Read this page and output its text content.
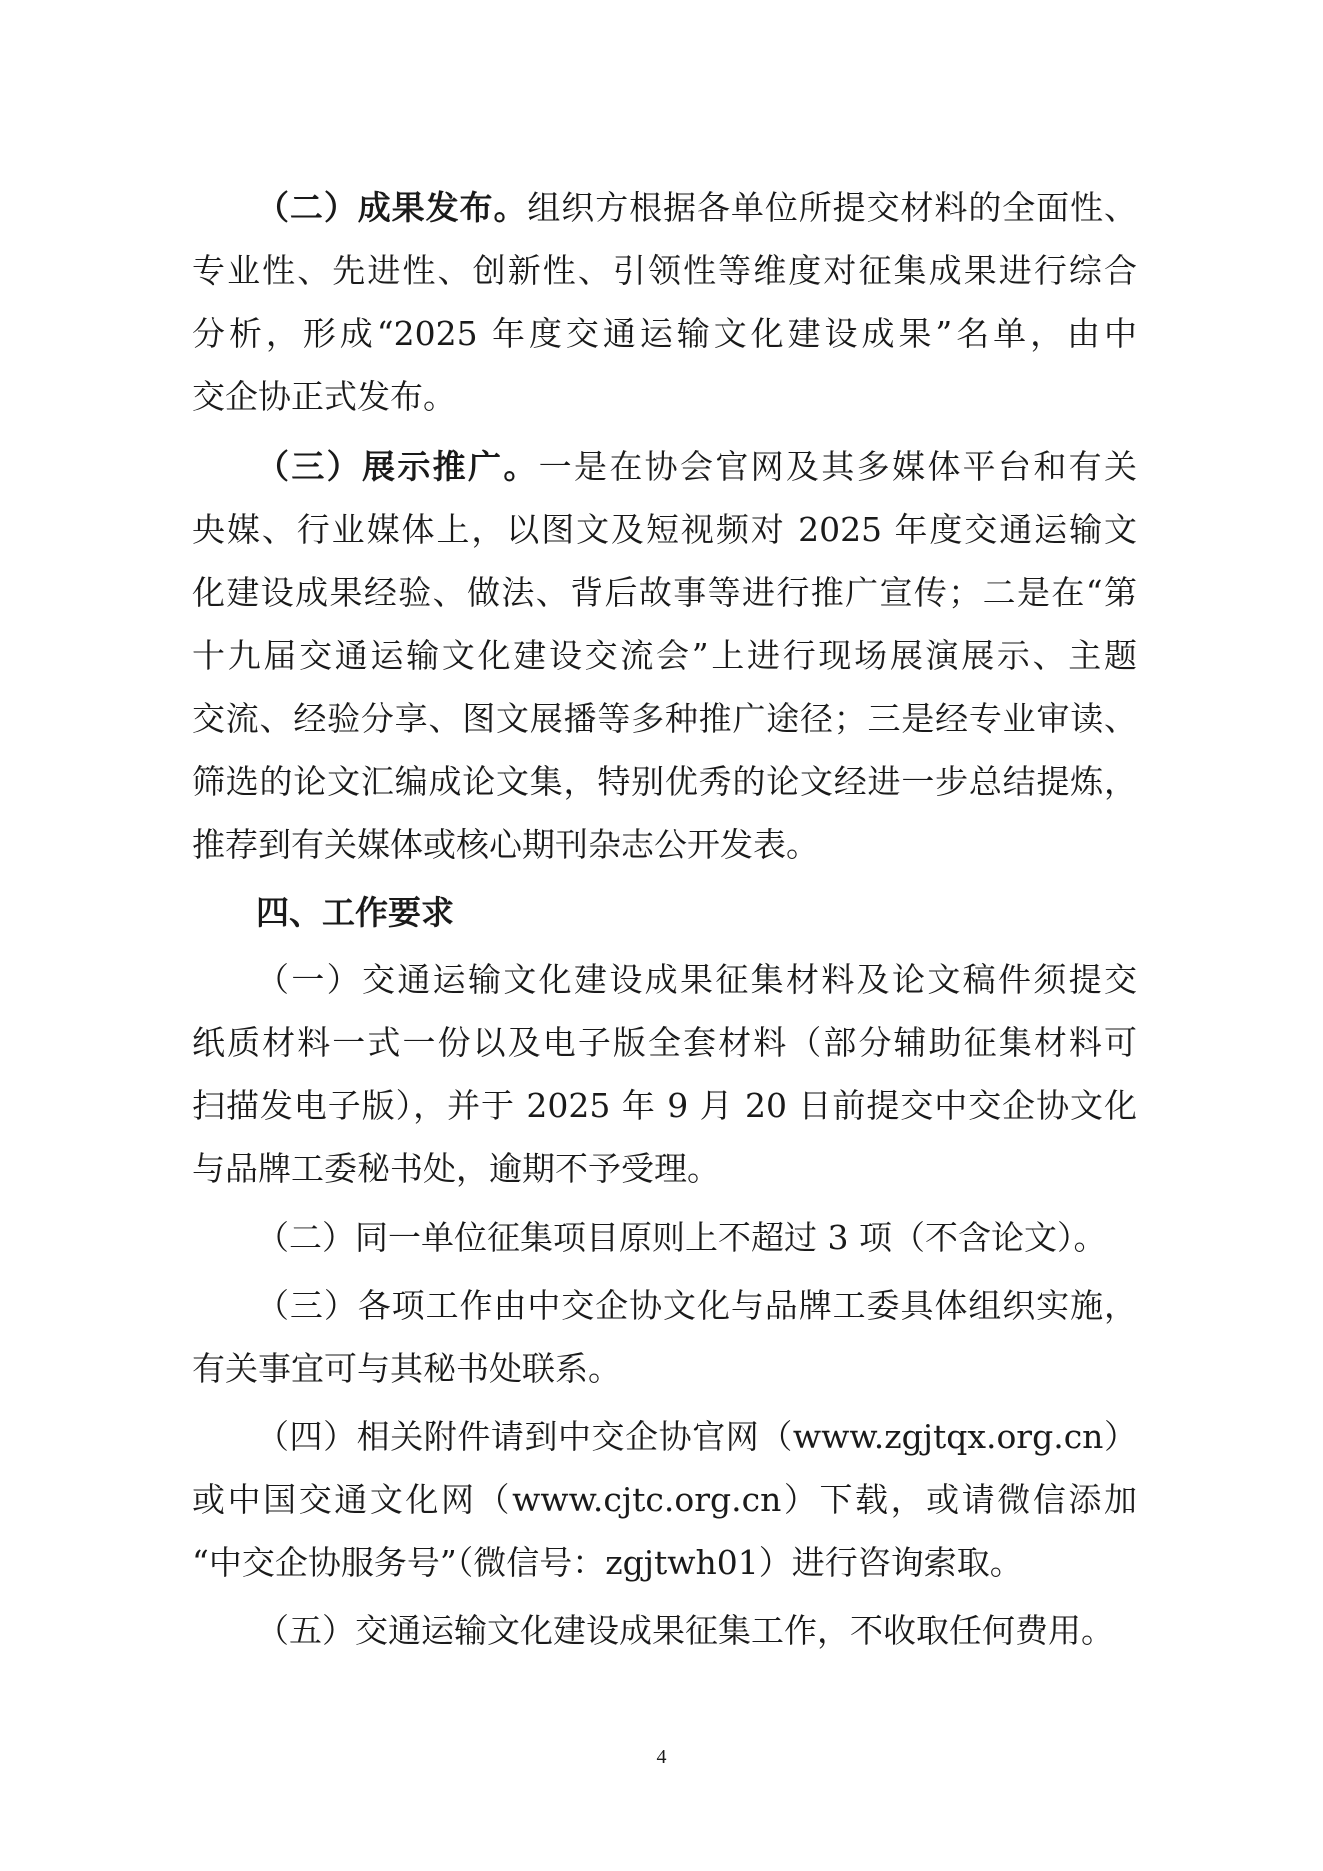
（二）成果发布。组织方根据各单位所提交材料的全面性、
专业性、先进性、创新性、引领性等维度对征集成果进行综合
分析，形成“2025 年度交通运输文化建设成果”名单，由中
交企协正式发布。
（三）展示推广。一是在协会官网及其多媒体平台和有关
央媒、行业媒体上，以图文及短视频对 2025 年度交通运输文
化建设成果经验、做法、背后故事等进行推广宣传；二是在“第
十九届交通运输文化建设交流会”上进行现场展演展示、主题
交流、经验分享、图文展播等多种推广途径；三是经专业审读、
筛选的论文汇编成论文集，特别优秀的论文经进一步总结提炼，
推荐到有关媒体或核心期刊杂志公开发表。
四、工作要求
（一）交通运输文化建设成果征集材料及论文稿件须提交
纸质材料一式一份以及电子版全套材料（部分辅助征集材料可
扫描发电子版），并于 2025 年 9 月 20 日前提交中交企协文化
与品牌工委秘书处，逾期不予受理。
（二）同一单位征集项目原则上不超过 3 项（不含论文）。
（三）各项工作由中交企协文化与品牌工委具体组织实施，
有关事宜可与其秘书处联系。
（四）相关附件请到中交企协官网（www.zgjtqx.org.cn）
或中国交通文化网（www.cjtc.org.cn）下载，或请微信添加
“中交企协服务号”（微信号：zgjtwh01）进行咨询索取。
（五）交通运输文化建设成果征集工作，不收取任何费用。
4
